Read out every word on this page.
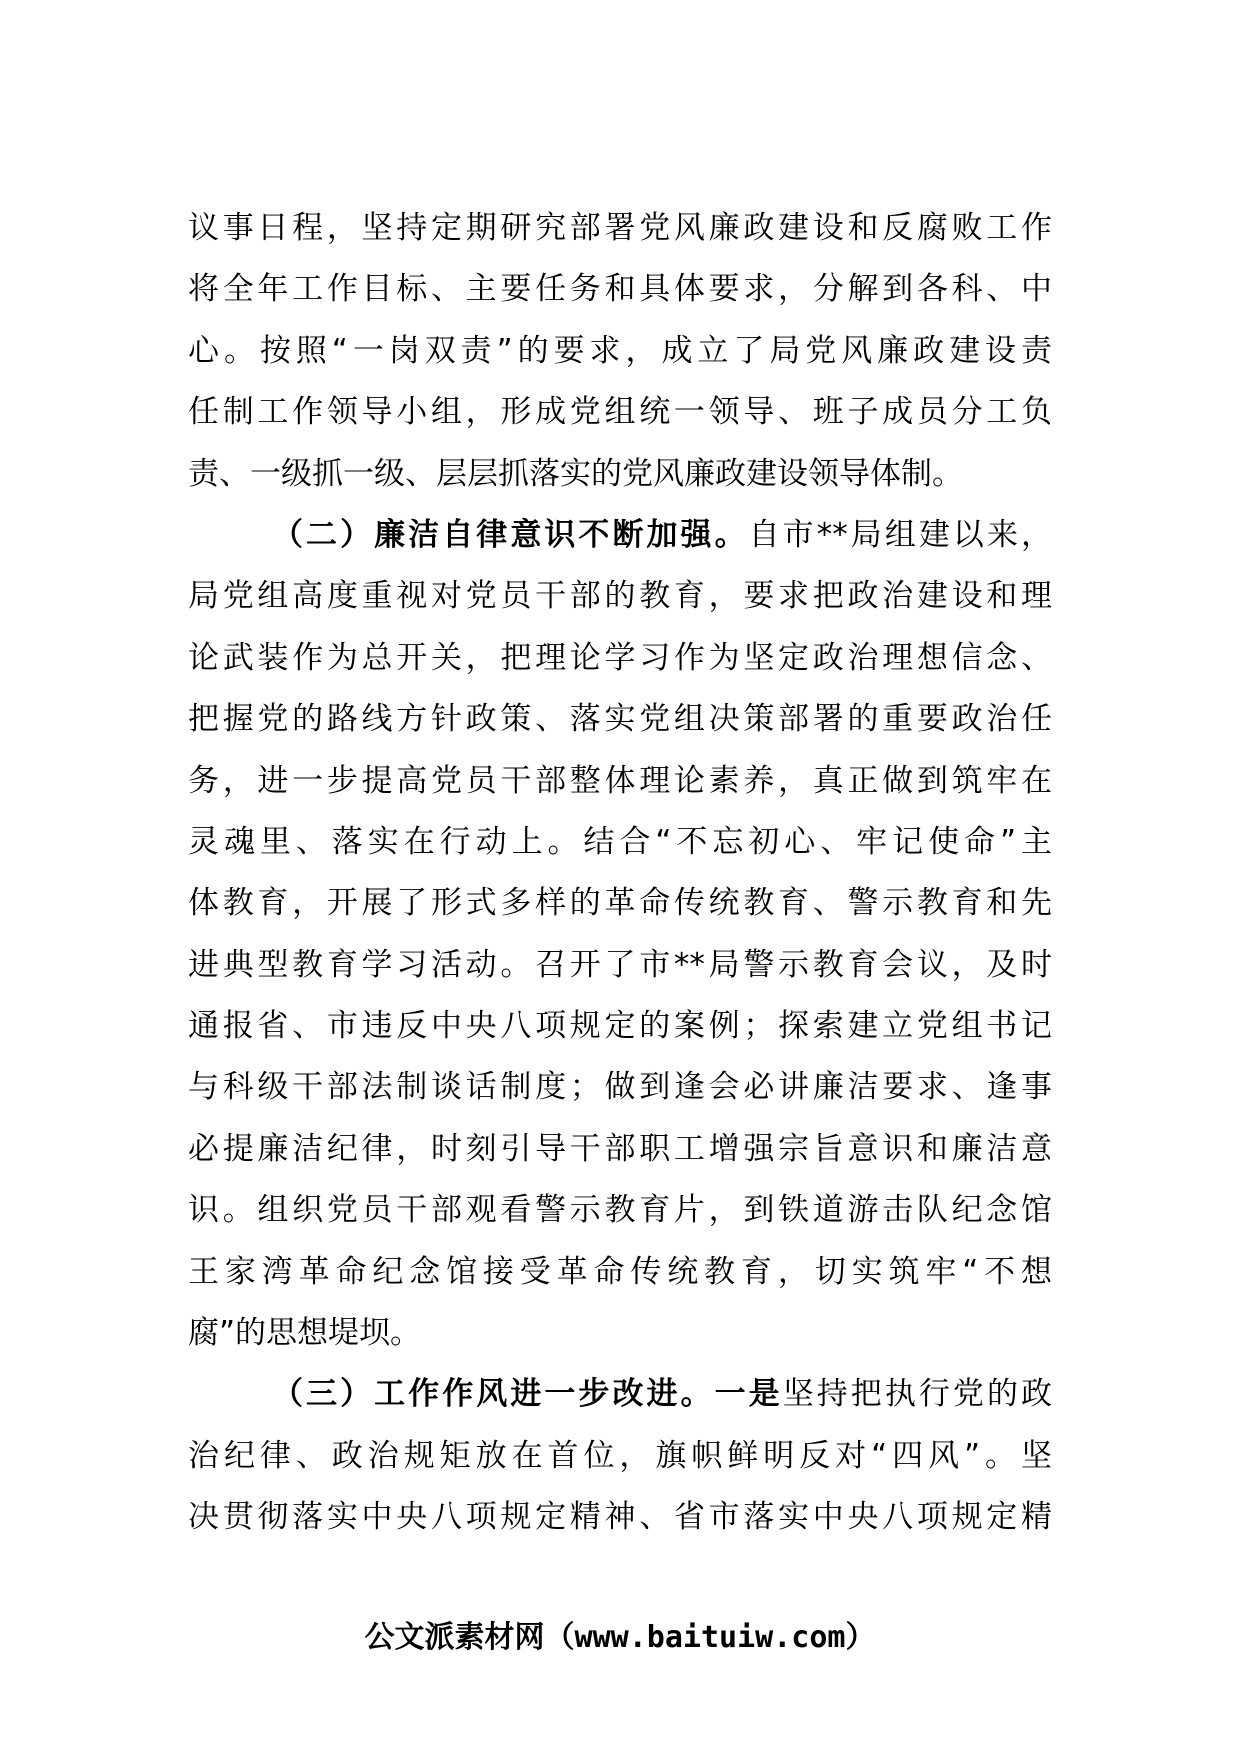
议事日程，坚持定期研究部署党风廉政建设和反腐败工作
将全年工作目标、主要任务和具体要求，分解到各科、中
心。按照“一岗双责”的要求，成立了局党风廉政建设责
任制工作领导小组，形成党组统一领导、班子成员分工负
责、一级抓一级、层层抓落实的党风廉政建设领导体制。
（二）廉洁自律意识不断加强。自市**局组建以来，
局党组高度重视对党员干部的教育，要求把政治建设和理
论武装作为总开关，把理论学习作为坚定政治理想信念、
把握党的路线方针政策、落实党组决策部署的重要政治任
务，进一步提高党员干部整体理论素养，真正做到筑牢在
灵魂里、落实在行动上。结合“不忘初心、牢记使命”主
体教育，开展了形式多样的革命传统教育、警示教育和先
进典型教育学习活动。召开了市**局警示教育会议，及时
通报省、市违反中央八项规定的案例；探索建立党组书记
与科级干部法制谈话制度；做到逢会必讲廉洁要求、逢事
必提廉洁纪律，时刻引导干部职工增强宗旨意识和廉洁意
识。组织党员干部观看警示教育片，到铁道游击队纪念馆
王家湾革命纪念馆接受革命传统教育，切实筑牢“不想
腐”的思想堤坝。
（三）工作作风进一步改进。一是坚持把执行党的政
治纪律、政治规矩放在首位，旗帜鲜明反对“四风”。坚
决贯彻落实中央八项规定精神、省市落实中央八项规定精
公文派素材网（www.baituiw.com）
